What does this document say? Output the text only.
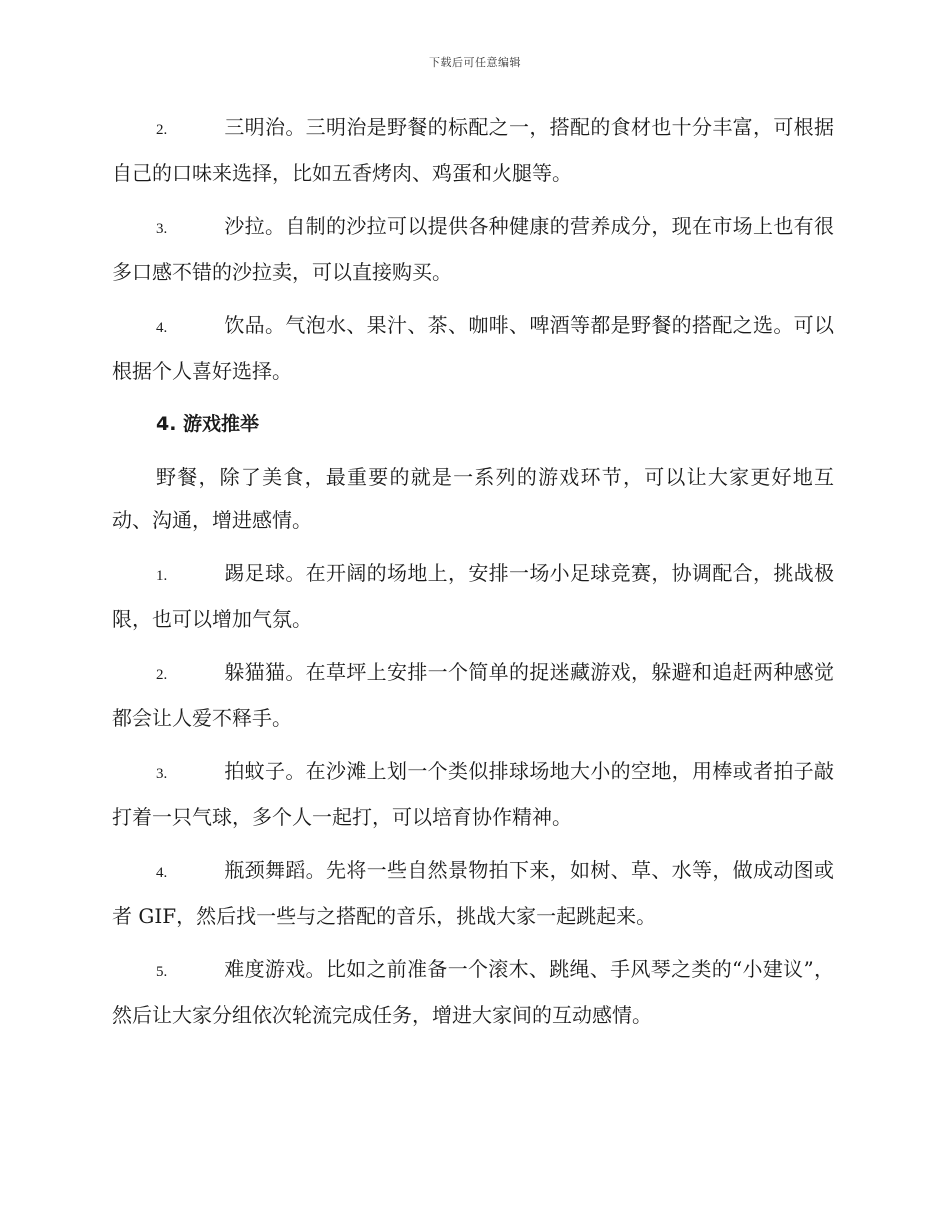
下载后可任意编辑

2.	三明治。三明治是野餐的标配之一，搭配的食材也十分丰富，可根据自己的口味来选择，比如五香烤肉、鸡蛋和火腿等。

3.	沙拉。自制的沙拉可以提供各种健康的营养成分，现在市场上也有很多口感不错的沙拉卖，可以直接购买。

4.	饮品。气泡水、果汁、茶、咖啡、啤酒等都是野餐的搭配之选。可以根据个人喜好选择。

4. 游戏推举

野餐，除了美食，最重要的就是一系列的游戏环节，可以让大家更好地互动、沟通，增进感情。

1.	踢足球。在开阔的场地上，安排一场小足球竞赛，协调配合，挑战极限，也可以增加气氛。

2.	躲猫猫。在草坪上安排一个简单的捉迷藏游戏，躲避和追赶两种感觉都会让人爱不释手。

3.	拍蚊子。在沙滩上划一个类似排球场地大小的空地，用棒或者拍子敲打着一只气球，多个人一起打，可以培育协作精神。

4.	瓶颈舞蹈。先将一些自然景物拍下来，如树、草、水等，做成动图或者 GIF，然后找一些与之搭配的音乐，挑战大家一起跳起来。

5.	难度游戏。比如之前准备一个滚木、跳绳、手风琴之类的“小建议”，然后让大家分组依次轮流完成任务，增进大家间的互动感情。
